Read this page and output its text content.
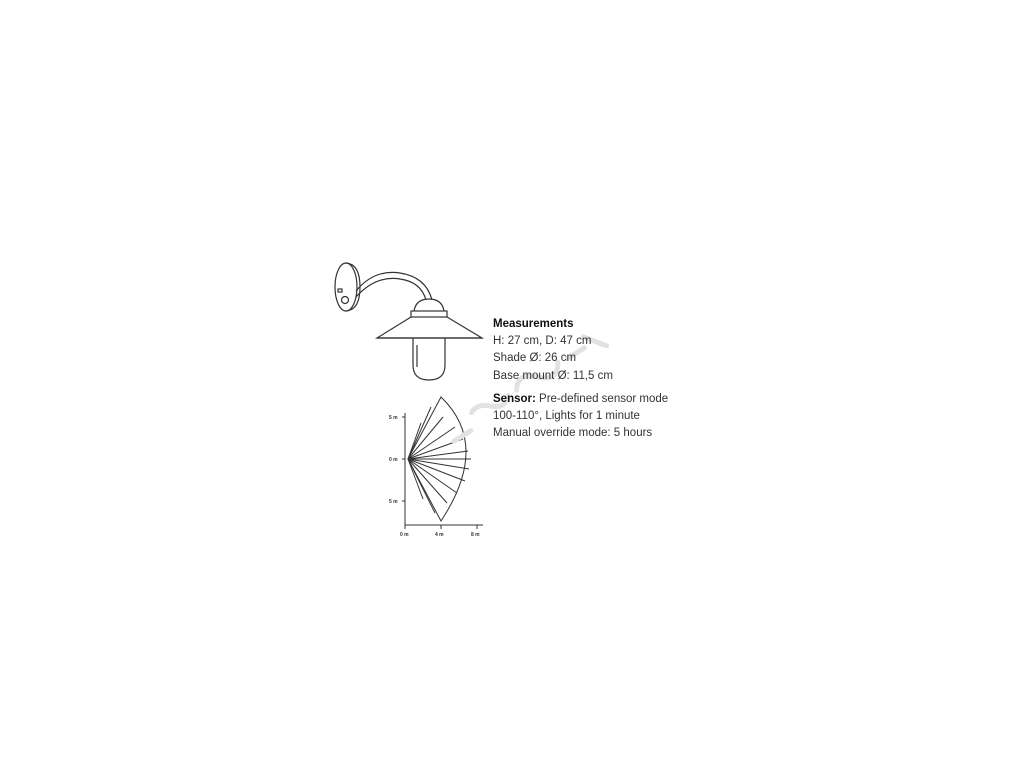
5 m
0 m
5 m
0 m	4 m	8 m

Measurements

H: 27 cm, D: 47 cm

Shade Ø: 26 cm

Base mount Ø: 11,5 cm

Sensor: Pre-defined sensor mode

100-110°, Lights for 1 minute

Manual override mode: 5 hours
